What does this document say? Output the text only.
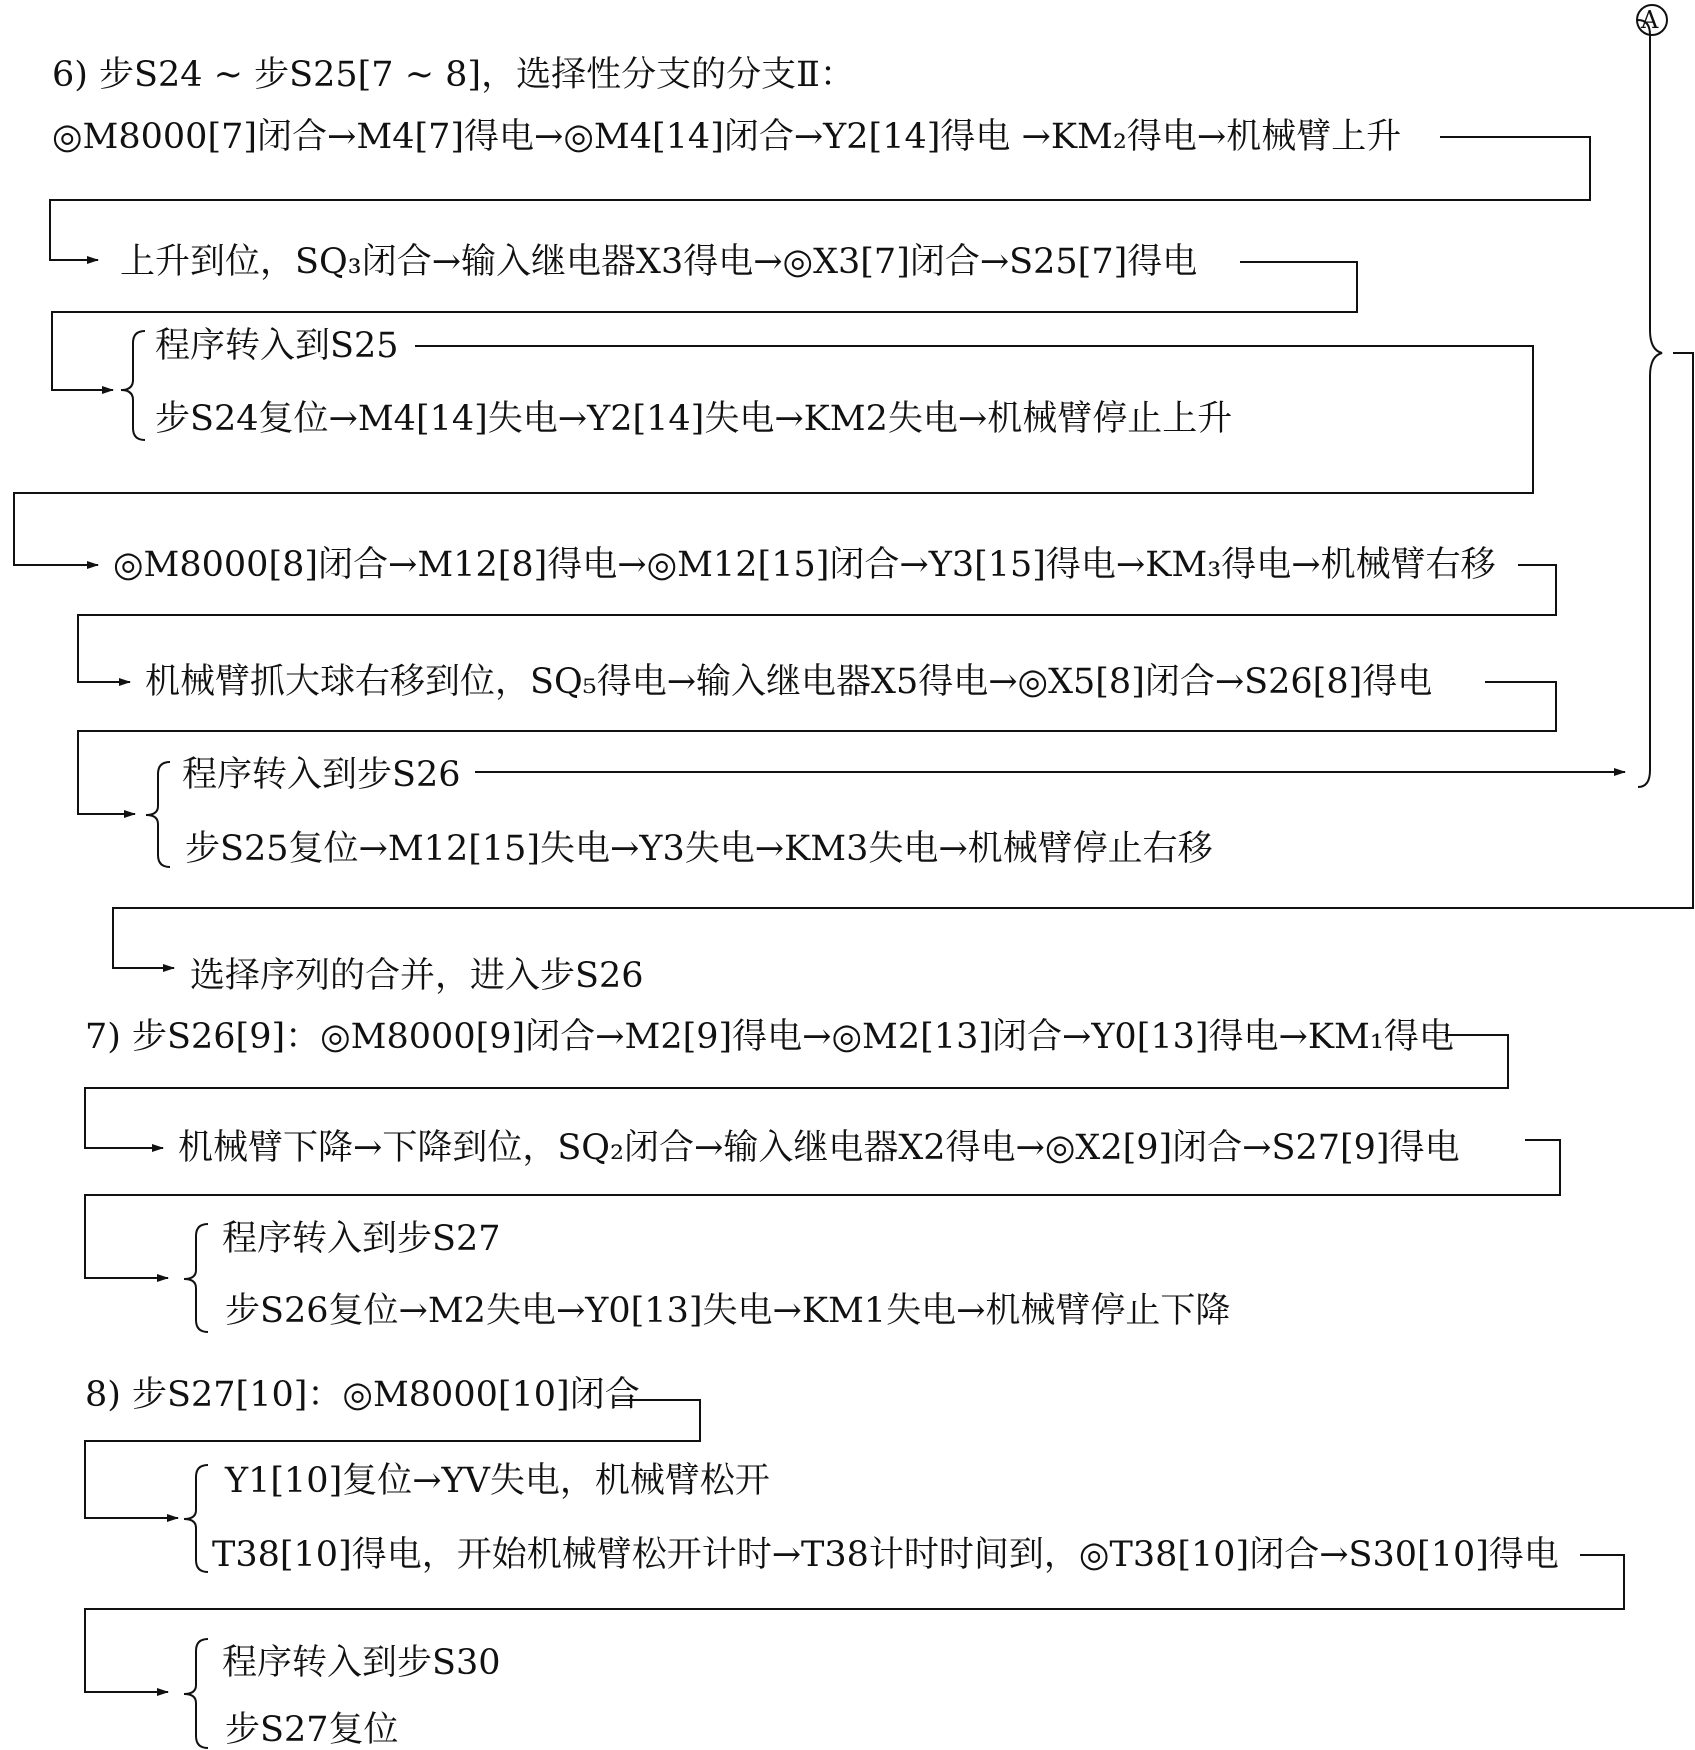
A
6) 步S24 ~ 步S25[7 ~ 8]，选择性分支的分支Ⅱ：
◎M8000[7]闭合→M4[7]得电→◎M4[14]闭合→Y2[14]得电 →KM₂得电→机械臂上升
上升到位，SQ₃闭合→输入继电器X3得电→◎X3[7]闭合→S25[7]得电
程序转入到S25
步S24复位→M4[14]失电→Y2[14]失电→KM2失电→机械臂停止上升
◎M8000[8]闭合→M12[8]得电→◎M12[15]闭合→Y3[15]得电→KM₃得电→机械臂右移
机械臂抓大球右移到位，SQ₅得电→输入继电器X5得电→◎X5[8]闭合→S26[8]得电
程序转入到步S26
步S25复位→M12[15]失电→Y3失电→KM3失电→机械臂停止右移
选择序列的合并，进入步S26
7) 步S26[9]：◎M8000[9]闭合→M2[9]得电→◎M2[13]闭合→Y0[13]得电→KM₁得电
机械臂下降→下降到位，SQ₂闭合→输入继电器X2得电→◎X2[9]闭合→S27[9]得电
程序转入到步S27
步S26复位→M2失电→Y0[13]失电→KM1失电→机械臂停止下降
8) 步S27[10]：◎M8000[10]闭合
Y1[10]复位→YV失电，机械臂松开
T38[10]得电，开始机械臂松开计时→T38计时时间到，◎T38[10]闭合→S30[10]得电
程序转入到步S30
步S27复位
